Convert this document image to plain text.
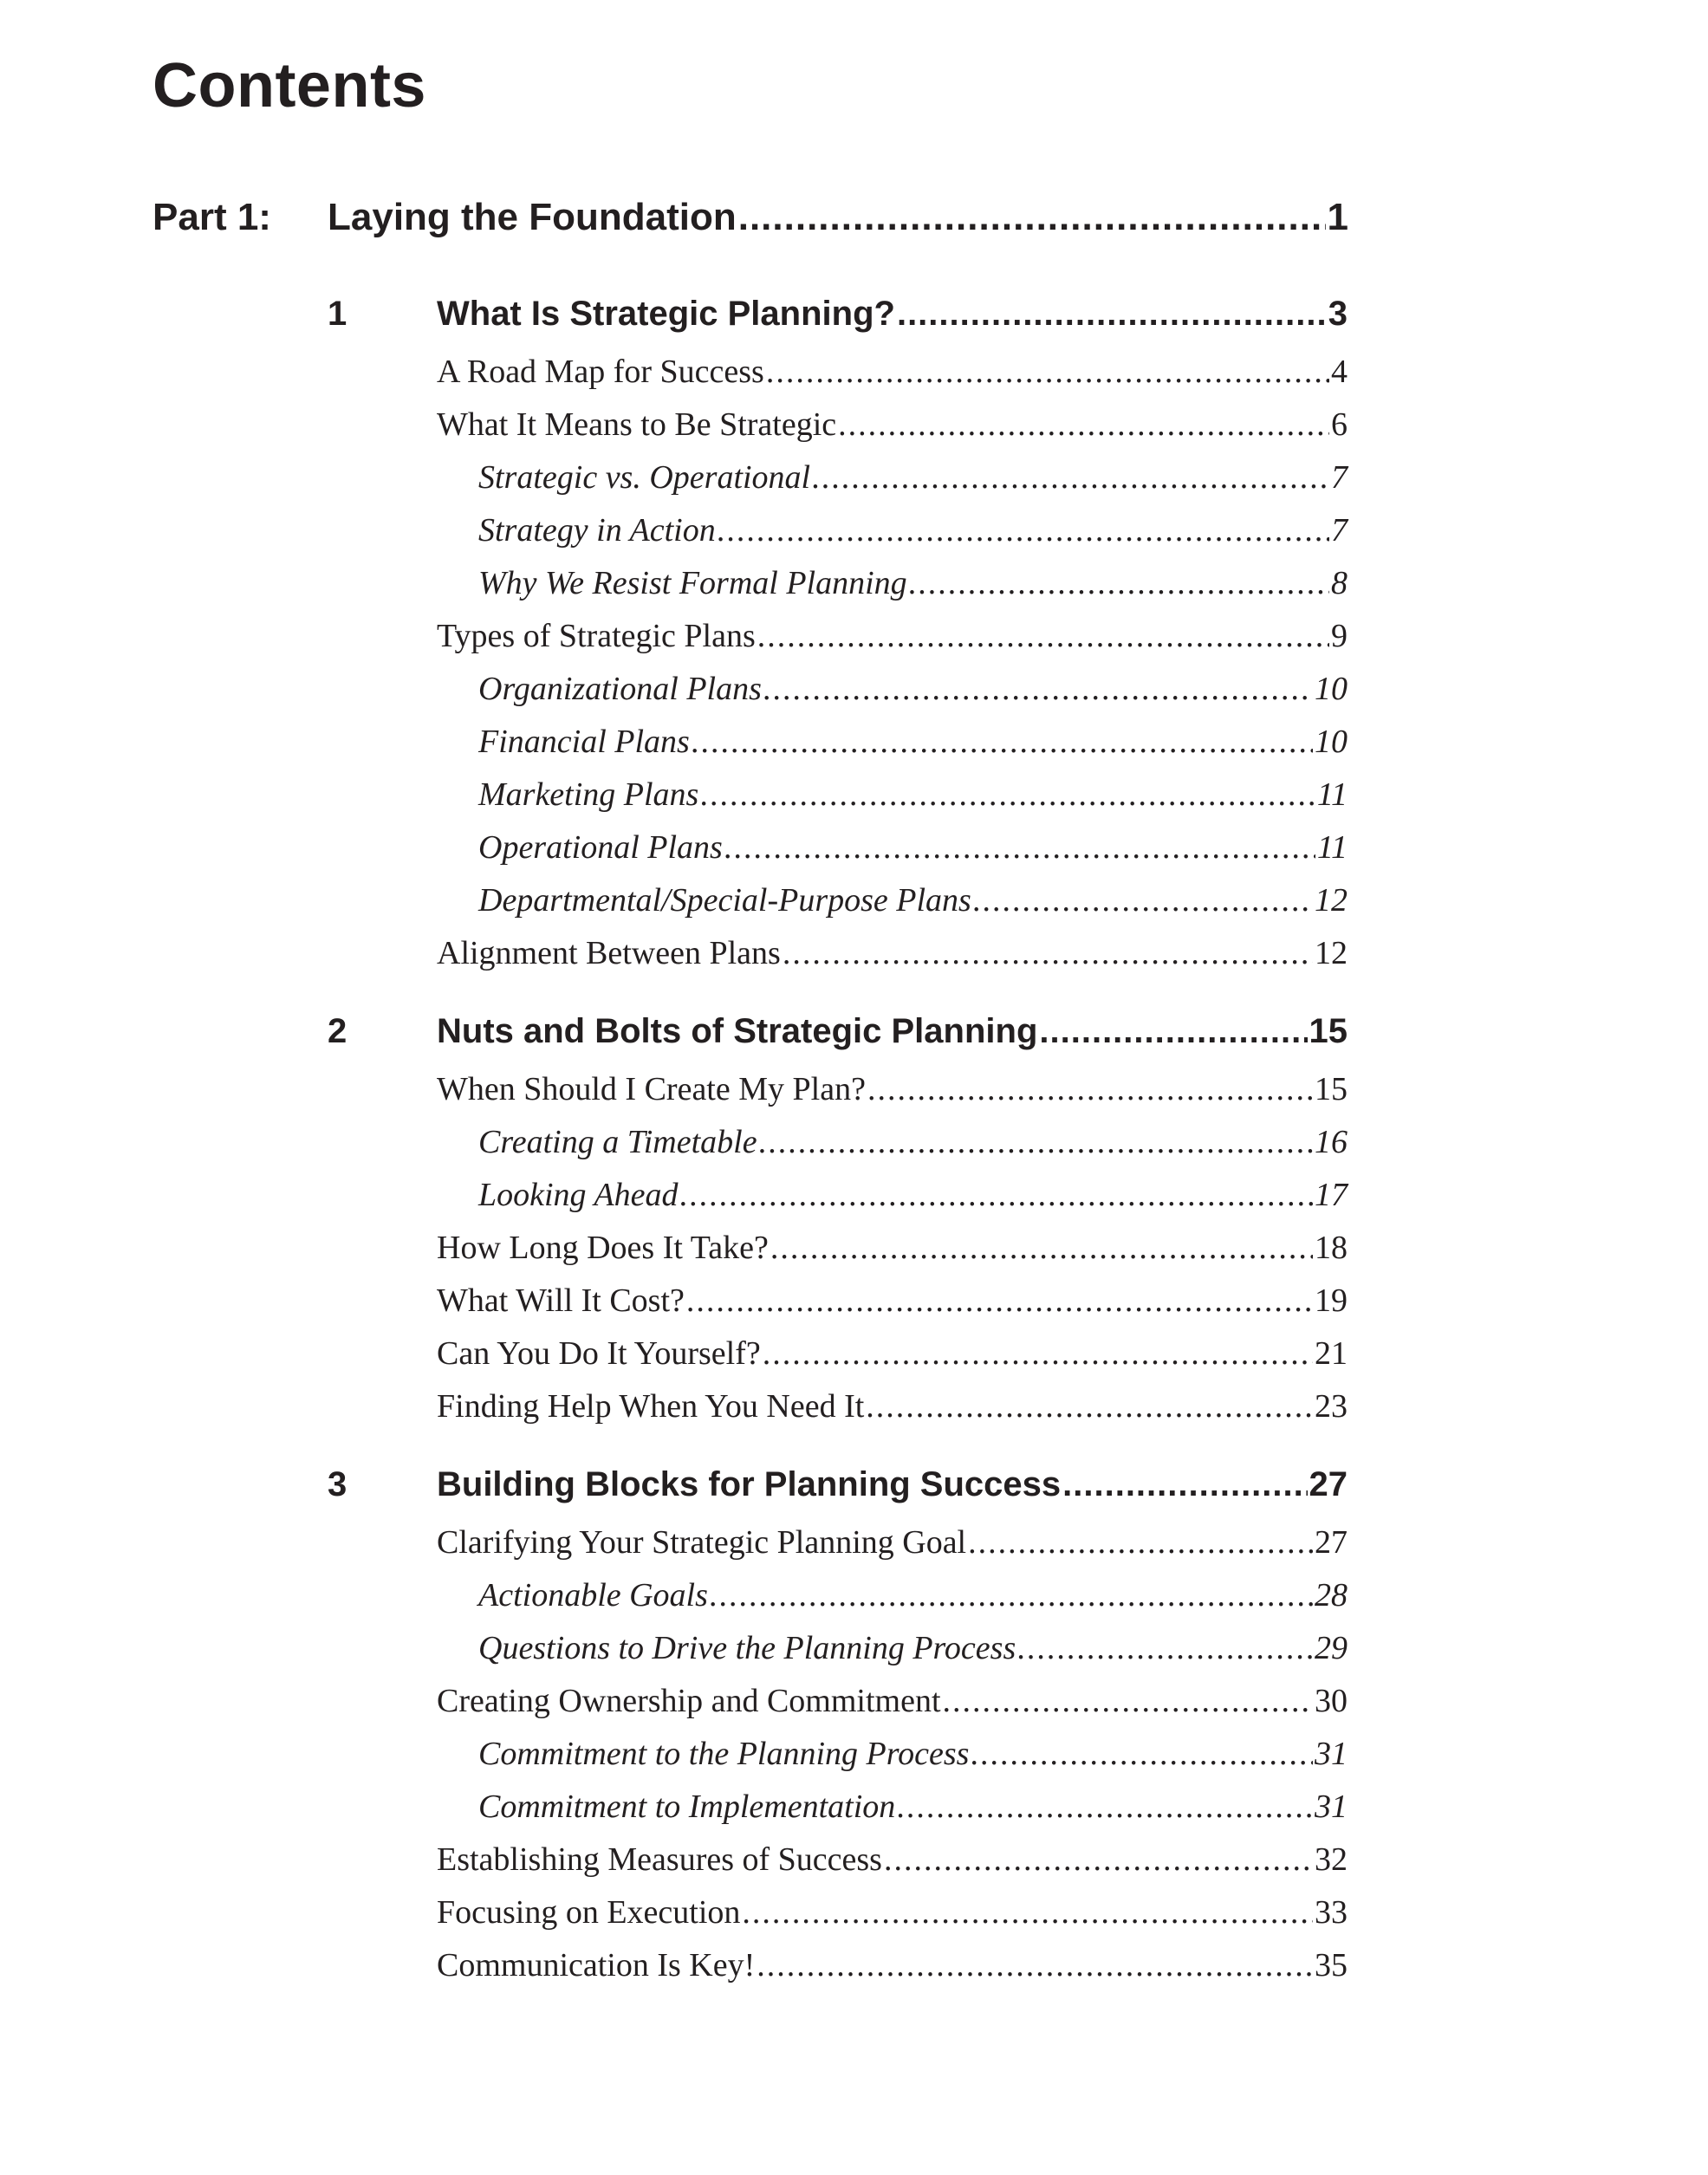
Contents
Part 1:	Laying the Foundation .....	1
1	What Is Strategic Planning? .....	3
A Road Map for Success .....	4
What It Means to Be Strategic .....	6
Strategic vs. Operational .....	7
Strategy in Action .....	7
Why We Resist Formal Planning .....	8
Types of Strategic Plans .....	9
Organizational Plans .....	10
Financial Plans .....	10
Marketing Plans .....	11
Operational Plans .....	11
Departmental/Special-Purpose Plans .....	12
Alignment Between Plans .....	12
2	Nuts and Bolts of Strategic Planning .....	15
When Should I Create My Plan? .....	15
Creating a Timetable .....	16
Looking Ahead .....	17
How Long Does It Take? .....	18
What Will It Cost? .....	19
Can You Do It Yourself? .....	21
Finding Help When You Need It .....	23
3	Building Blocks for Planning Success .....	27
Clarifying Your Strategic Planning Goal .....	27
Actionable Goals .....	28
Questions to Drive the Planning Process .....	29
Creating Ownership and Commitment .....	30
Commitment to the Planning Process .....	31
Commitment to Implementation .....	31
Establishing Measures of Success .....	32
Focusing on Execution .....	33
Communication Is Key! .....	35
